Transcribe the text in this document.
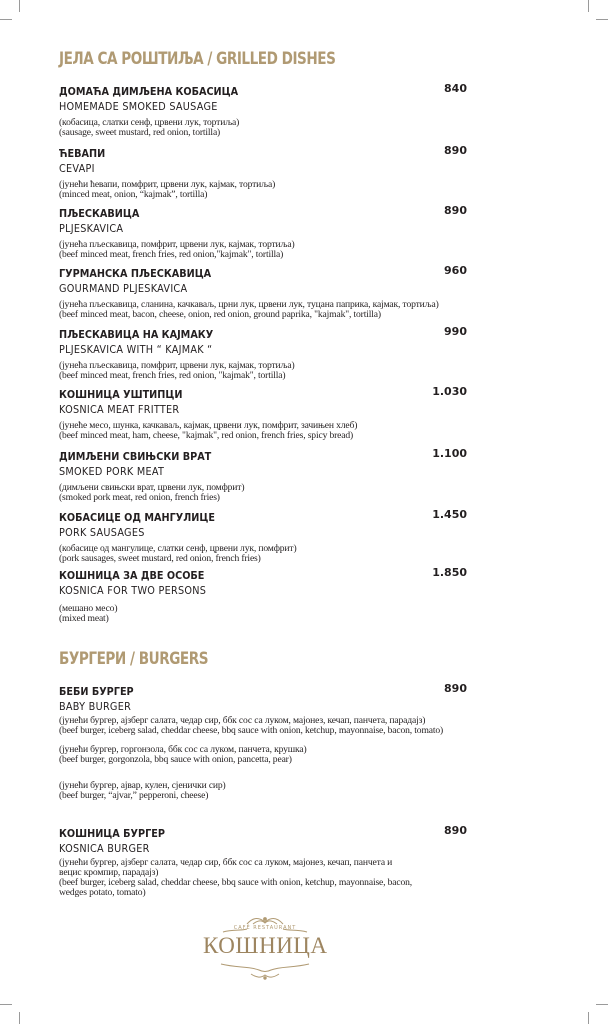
ЈЕЛА СА РОШТИЉА / GRILLED DISHES
ДОМАЋА ДИМЉЕНА КОБАСИЦА	840
HOMEMADE SMOKED SAUSAGE
(кобасица, слатки сенф, црвени лук, тортиља)
(sausage, sweet mustard, red onion, tortilla)
ЋЕВАПИ	890
CEVAPI
(јунећи ћевапи, помфрит, црвени лук, кајмак, тортиља)
(minced meat, onion, “kajmak”, tortilla)
ПЉЕСКАВИЦА	890
PLJESKAVICA
(јунећа пљескавица, помфрит, црвени лук, кајмак, тортиља)
(beef minced meat, french fries, red onion,"kajmak", tortilla)
ГУРМАНСКА ПЉЕСКАВИЦА	960
GOURMAND PLJESKAVICA
(јунећа пљескавица, сланина, качкаваљ, црни лук, црвени лук, туцана паприка, кајмак, тортиља)
(beef minced meat, bacon, cheese, onion, red onion, ground paprika, "kajmak", tortilla)
ПЉЕСКАВИЦА НА КАЈМАКУ	990
PLJESKAVICA WITH “ KAJMAK “
(јунећа пљескавица, помфрит, црвени лук, кајмак, тортиља)
(beef minced meat, french fries, red onion, "kajmak", tortilla)
КОШНИЦА УШТИПЦИ	1.030
KOSNICA MEAT FRITTER
(јунеће месо, шунка, качкаваљ, кајмак, црвени лук, помфрит, зачињен хлеб)
(beef minced meat, ham, cheese, "kajmak", red onion, french fries, spicy bread)
ДИМЉЕНИ СВИЊСКИ ВРАТ	1.100
SMOKED PORK MEAT
(димљени свињски врат, црвени лук, помфрит)
(smoked pork meat, red onion, french fries)
КОБАСИЦЕ ОД МАНГУЛИЦЕ	1.450
PORK SAUSAGES
(кобасице од мангулице, слатки сенф, црвени лук, помфрит)
(pork sausages, sweet mustard, red onion, french fries)
КОШНИЦА ЗА ДВЕ ОСОБЕ	1.850
KOSNICA FOR TWO PERSONS
(мешано месо)
(mixed meat)
БУРГЕРИ / BURGERS
БЕБИ БУРГЕР	890
BABY BURGER
(јунећи бургер, ајзберг салата, чедар сир, ббк сос са луком, мајонез, кечап, панчета, парадајз)
(beef burger, iceberg salad, cheddar cheese, bbq sauce with onion, ketchup, mayonnaise, bacon, tomato)
(јунећи бургер, горгонзола, ббк сос са луком, панчета, крушка)
(beef burger, gorgonzola, bbq sauce with onion, pancetta, pear)
(јунећи бургер, ајвар, кулен, сјенички сир)
(beef burger, “ajvar,” pepperoni, cheese)
КОШНИЦА БУРГЕР	890
KOSNICA BURGER
(јунећи бургер, ајзберг салата, чедар сир, ббк сос са луком, мајонез, кечап, панчета и
вецис кромпир, парадајз)
(beef burger, iceberg salad, cheddar cheese, bbq sauce with onion, ketchup, mayonnaise, bacon,
wedges potato, tomato)
CAFÉ RESTAURANT
КОШНИЦА
